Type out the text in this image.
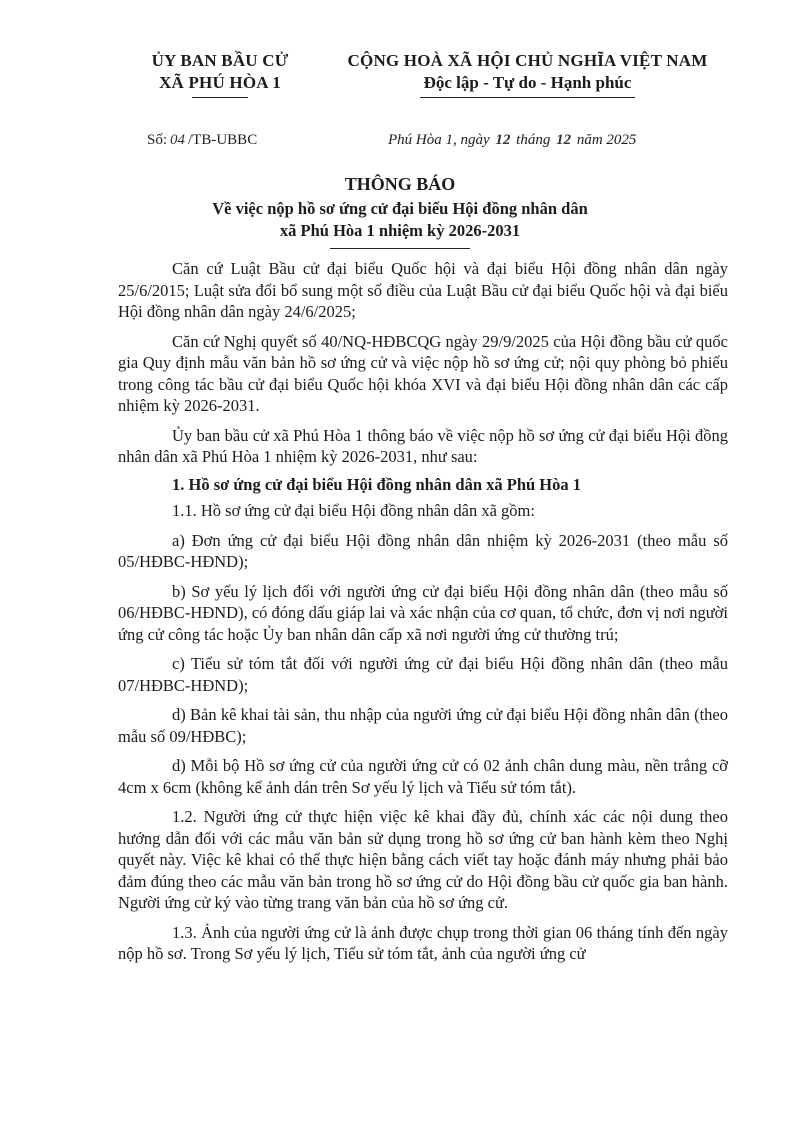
ỦY BAN BẦU CỬ
XÃ PHÚ HÒA 1
CỘNG HOÀ XÃ HỘI CHỦ NGHĨA VIỆT NAM
Độc lập - Tự do - Hạnh phúc
Số: 04 /TB-UBBC	Phú Hòa 1, ngày 12 tháng 12 năm 2025
THÔNG BÁO
Về việc nộp hồ sơ ứng cử đại biểu Hội đồng nhân dân
xã Phú Hòa 1 nhiệm kỳ 2026-2031

Căn cứ Luật Bầu cử đại biểu Quốc hội và đại biểu Hội đồng nhân dân ngày 25/6/2015; Luật sửa đổi bổ sung một số điều của Luật Bầu cử đại biểu Quốc hội và đại biểu Hội đồng nhân dân ngày 24/6/2025;

Căn cứ Nghị quyết số 40/NQ-HĐBCQG ngày 29/9/2025 của Hội đồng bầu cử quốc gia Quy định mẫu văn bản hồ sơ ứng cử và việc nộp hồ sơ ứng cử; nội quy phòng bỏ phiếu trong công tác bầu cử đại biểu Quốc hội khóa XVI và đại biểu Hội đồng nhân dân các cấp nhiệm kỳ 2026-2031.

Ủy ban bầu cử xã Phú Hòa 1 thông báo về việc nộp hồ sơ ứng cử đại biểu Hội đồng nhân dân xã Phú Hòa 1 nhiệm kỳ 2026-2031, như sau:

1. Hồ sơ ứng cử đại biểu Hội đồng nhân dân xã Phú Hòa 1

1.1. Hồ sơ ứng cử đại biểu Hội đồng nhân dân xã gồm:

a) Đơn ứng cử đại biểu Hội đồng nhân dân nhiệm kỳ 2026-2031 (theo mẫu số 05/HĐBC-HĐND);

b) Sơ yếu lý lịch đối với người ứng cử đại biểu Hội đồng nhân dân (theo mẫu số 06/HĐBC-HĐND), có đóng dấu giáp lai và xác nhận của cơ quan, tổ chức, đơn vị nơi người ứng cử công tác hoặc Ủy ban nhân dân cấp xã nơi người ứng cử thường trú;

c) Tiểu sử tóm tắt đối với người ứng cử đại biểu Hội đồng nhân dân (theo mẫu 07/HĐBC-HĐND);

d) Bản kê khai tài sản, thu nhập của người ứng cử đại biểu Hội đồng nhân dân (theo mẫu số 09/HĐBC);

d) Mỗi bộ Hồ sơ ứng cử của người ứng cử có 02 ảnh chân dung màu, nền trắng cỡ 4cm x 6cm (không kể ảnh dán trên Sơ yếu lý lịch và Tiểu sử tóm tắt).

1.2. Người ứng cử thực hiện việc kê khai đầy đủ, chính xác các nội dung theo hướng dẫn đối với các mẫu văn bản sử dụng trong hồ sơ ứng cử ban hành kèm theo Nghị quyết này. Việc kê khai có thể thực hiện bằng cách viết tay hoặc đánh máy nhưng phải bảo đảm đúng theo các mẫu văn bản trong hồ sơ ứng cử do Hội đồng bầu cử quốc gia ban hành. Người ứng cử ký vào từng trang văn bản của hồ sơ ứng cử.

1.3. Ảnh của người ứng cử là ảnh được chụp trong thời gian 06 tháng tính đến ngày nộp hồ sơ. Trong Sơ yếu lý lịch, Tiểu sử tóm tắt, ảnh của người ứng cử
